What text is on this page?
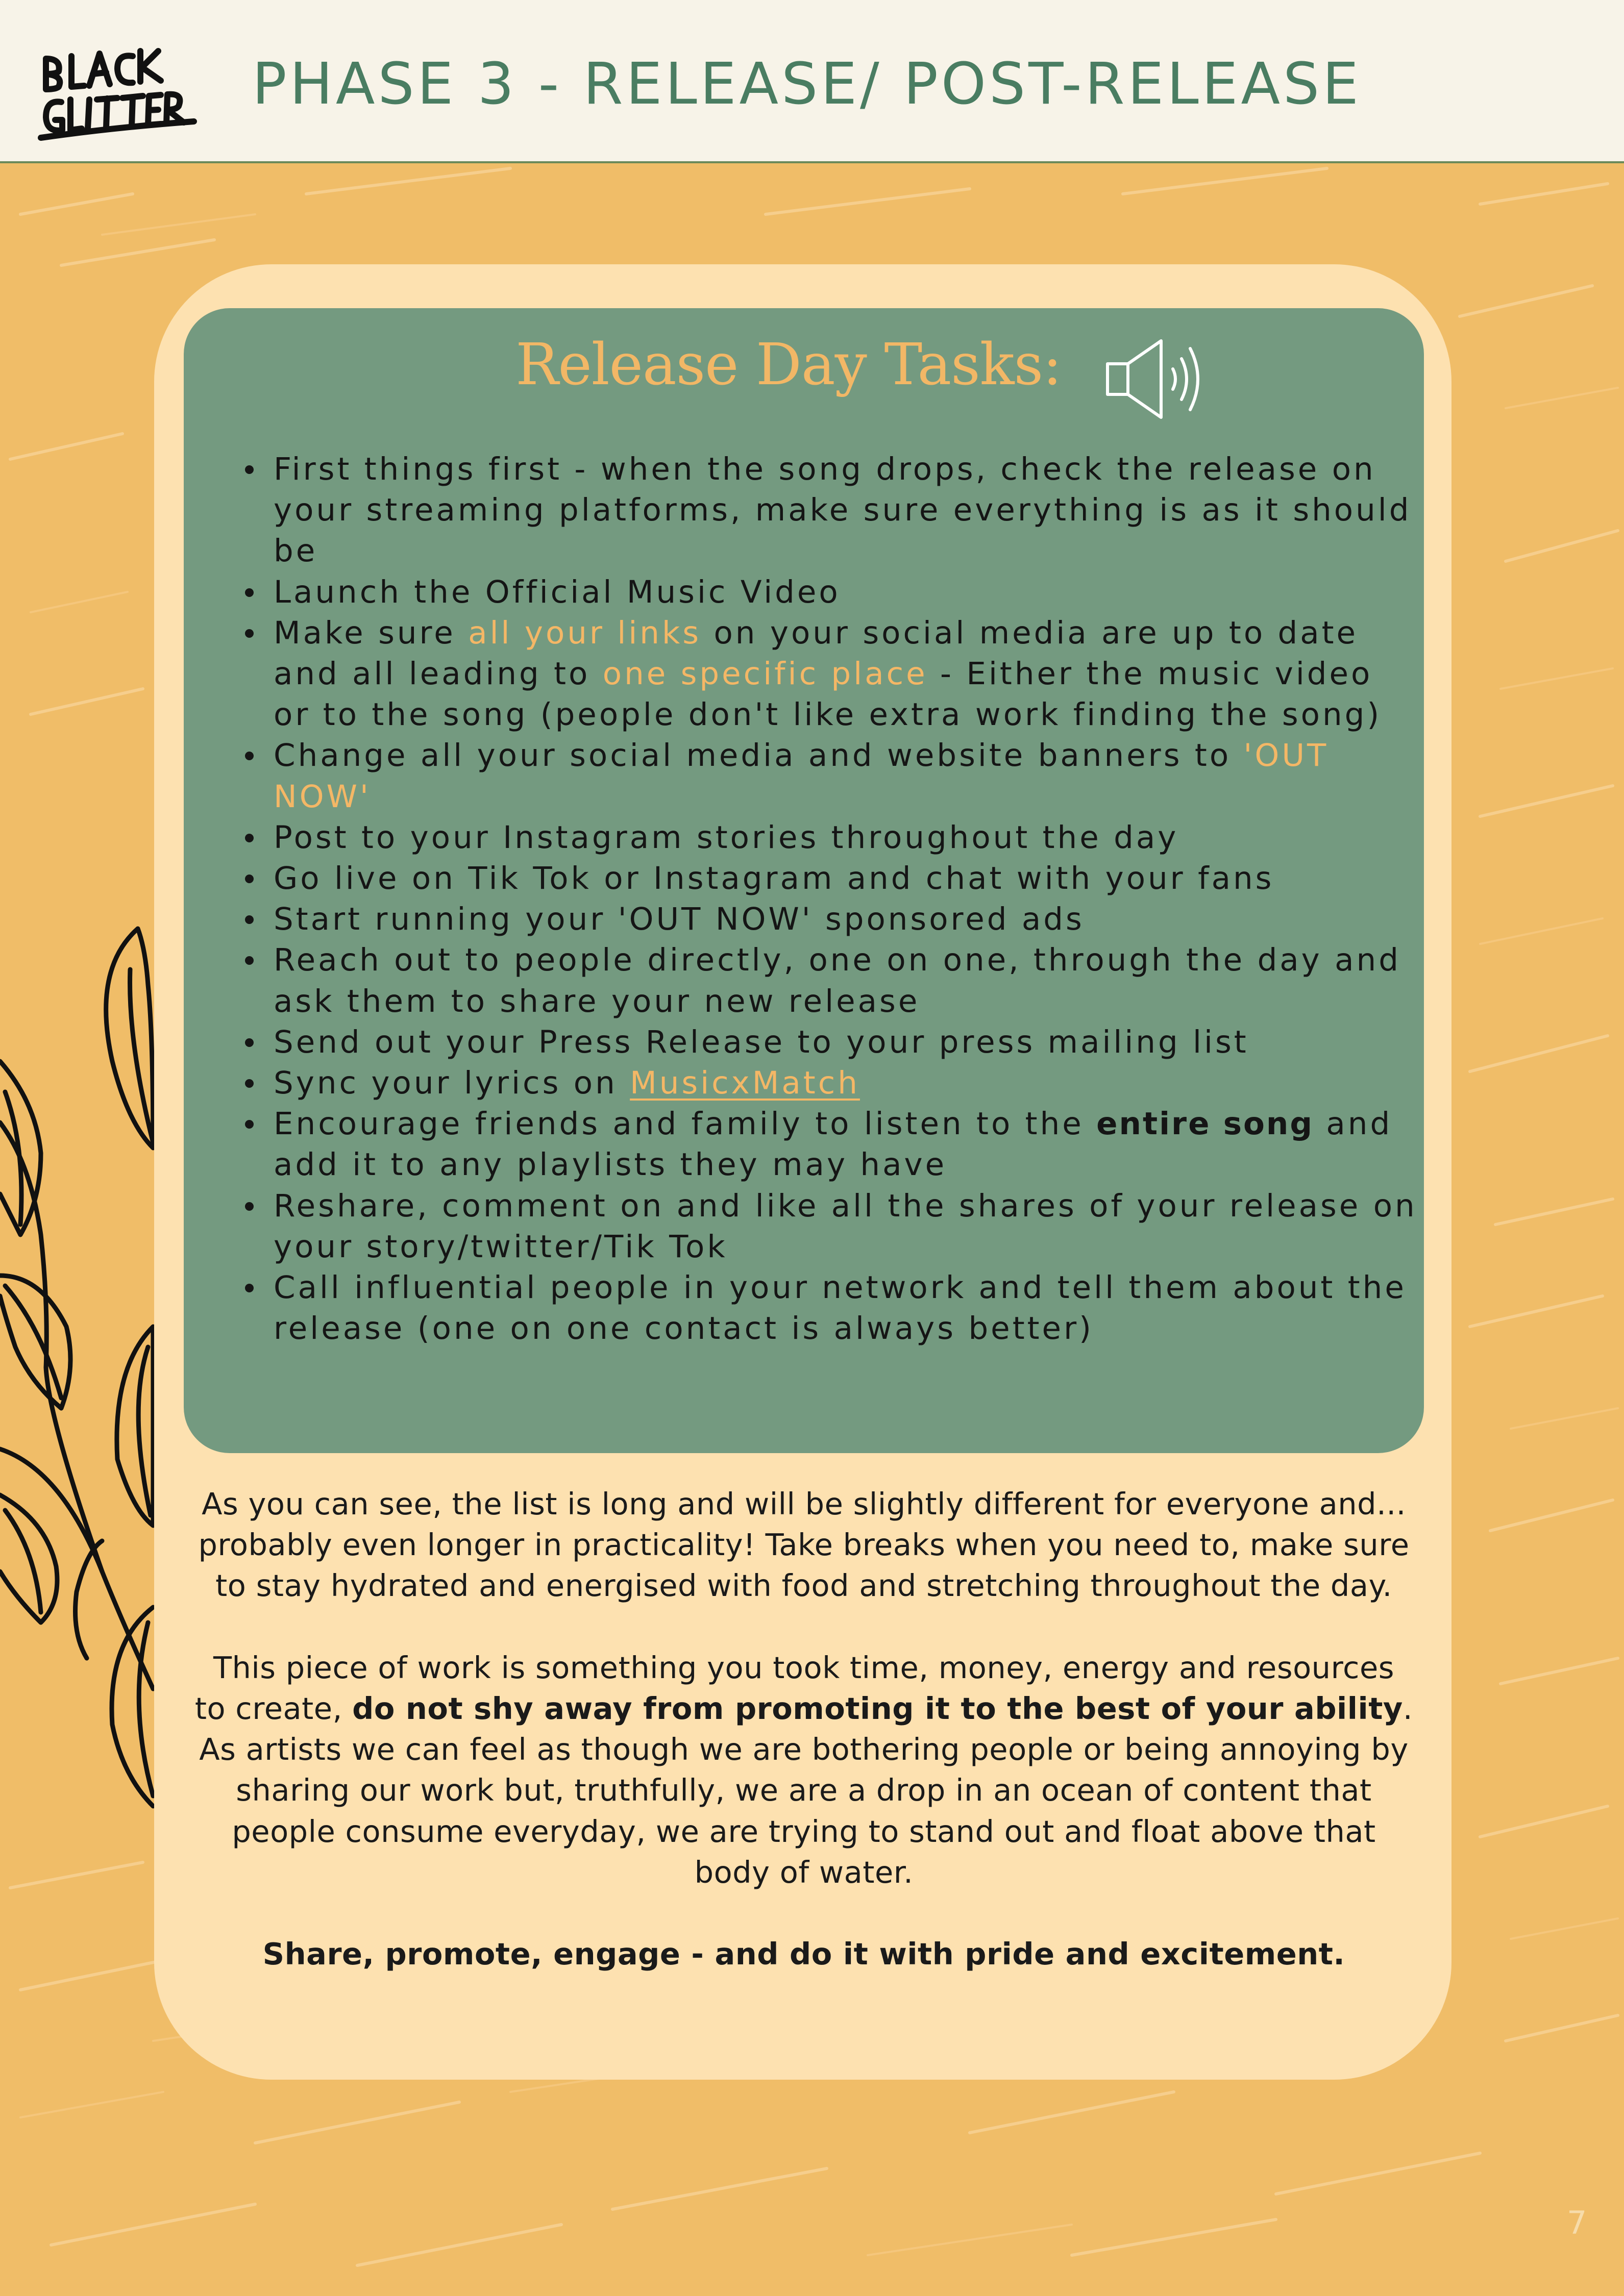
PHASE 3 - RELEASE/ POST-RELEASE
Release Day Tasks:
First things first - when the song drops, check the release on your streaming platforms, make sure everything is as it should be
Launch the Official Music Video
Make sure all your links on your social media are up to date and all leading to one specific place - Either the music video or to the song (people don't like extra work finding the song)
Change all your social media and website banners to 'OUT NOW'
Post to your Instagram stories throughout the day
Go live on Tik Tok or Instagram and chat with your fans
Start running your 'OUT NOW' sponsored ads
Reach out to people directly, one on one, through the day and ask them to share your new release
Send out your Press Release to your press mailing list
Sync your lyrics on MusicxMatch
Encourage friends and family to listen to the entire song and add it to any playlists they may have
Reshare, comment on and like all the shares of your release on your story/twitter/Tik Tok
Call influential people in your network and tell them about the release (one on one contact is always better)

As you can see, the list is long and will be slightly different for everyone and... probably even longer in practicality! Take breaks when you need to, make sure to stay hydrated and energised with food and stretching throughout the day.

This piece of work is something you took time, money, energy and resources to create, do not shy away from promoting it to the best of your ability. As artists we can feel as though we are bothering people or being annoying by sharing our work but, truthfully, we are a drop in an ocean of content that people consume everyday, we are trying to stand out and float above that body of water.

Share, promote, engage - and do it with pride and excitement.

7
